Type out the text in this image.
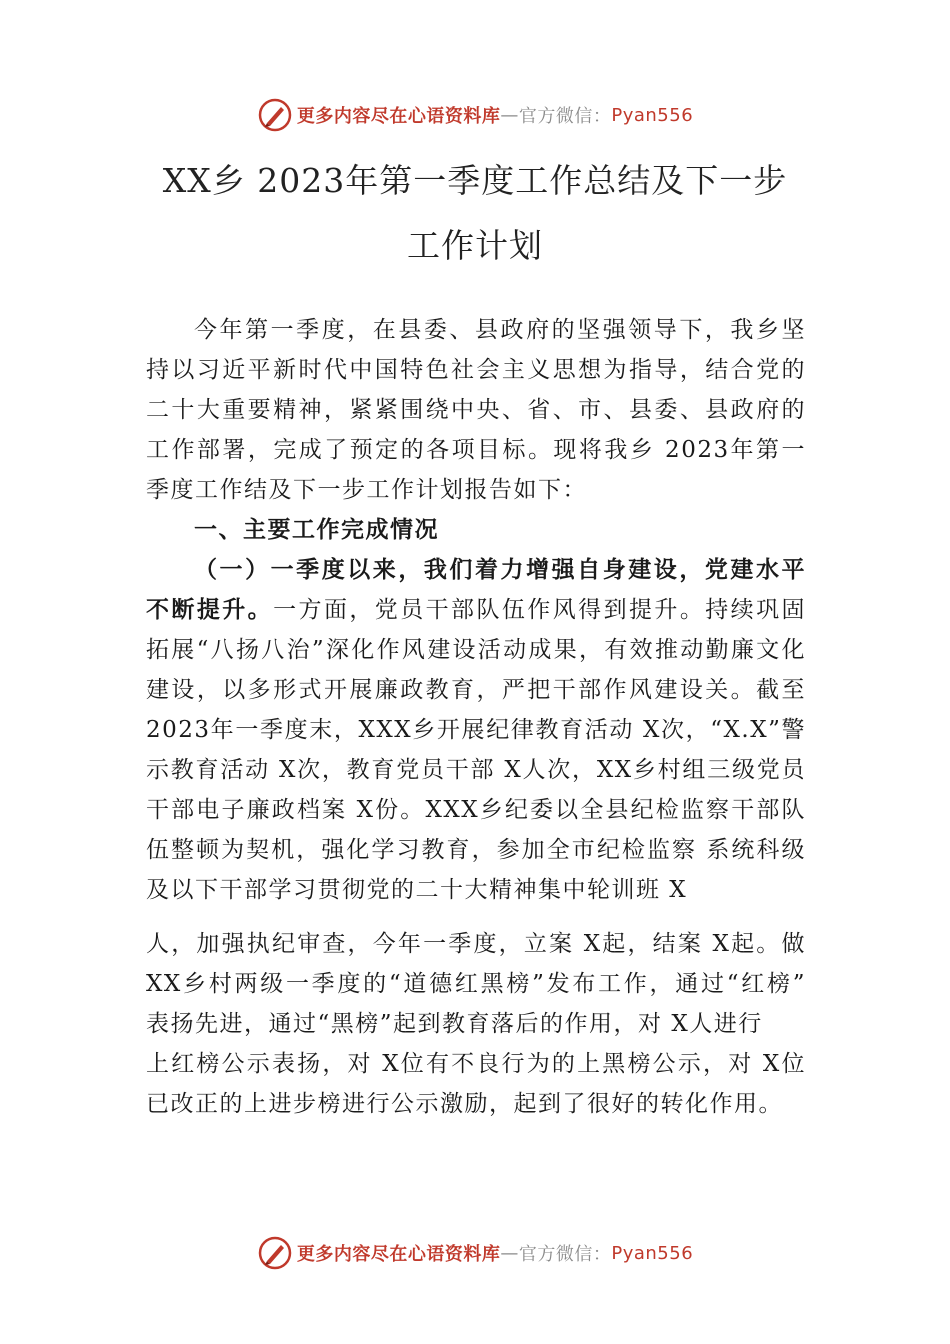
更多内容尽在心语资料库 — 官方微信： Pyan556
XX乡 2023年第一季度工作总结及下一步
工作计划

今年第一季度，在县委、县政府的坚强领导下，我乡坚持以习近平新时代中国特色社会主义思想为指导，结合党的二十大重要精神，紧紧围绕中央、省、市、县委、县政府的工作部署，完成了预定的各项目标。现将我乡 2023年第一季度工作结及下一步工作计划报告如下：

一、主要工作完成情况

（一）一季度以来，我们着力增强自身建设，党建水平不断提升。一方面，党员干部队伍作风得到提升。持续巩固拓展“八扬八治”深化作风建设活动成果，有效推动勤廉文化建设，以多形式开展廉政教育，严把干部作风建设关。截至 2023年一季度末，XXX乡开展纪律教育活动 X次，“X.X”警示教育活动 X次，教育党员干部 X人次，XX乡村组三级党员干部电子廉政档案 X份。XXX乡纪委以全县纪检监察干部队伍整顿为契机，强化学习教育，参加全市纪检监察 系统科级及以下干部学习贯彻党的二十大精神集中轮训班 X

人，加强执纪审查，今年一季度，立案 X起，结案 X起。做XX乡村两级一季度的“道德红黑榜”发布工作，通过“红榜” 表扬先进，通过“黑榜”起到教育落后的作用，对 X人进行

上红榜公示表扬，对 X位有不良行为的上黑榜公示，对 X位已改正的上进步榜进行公示激励，起到了很好的转化作用。

更多内容尽在心语资料库 — 官方微信： Pyan556
